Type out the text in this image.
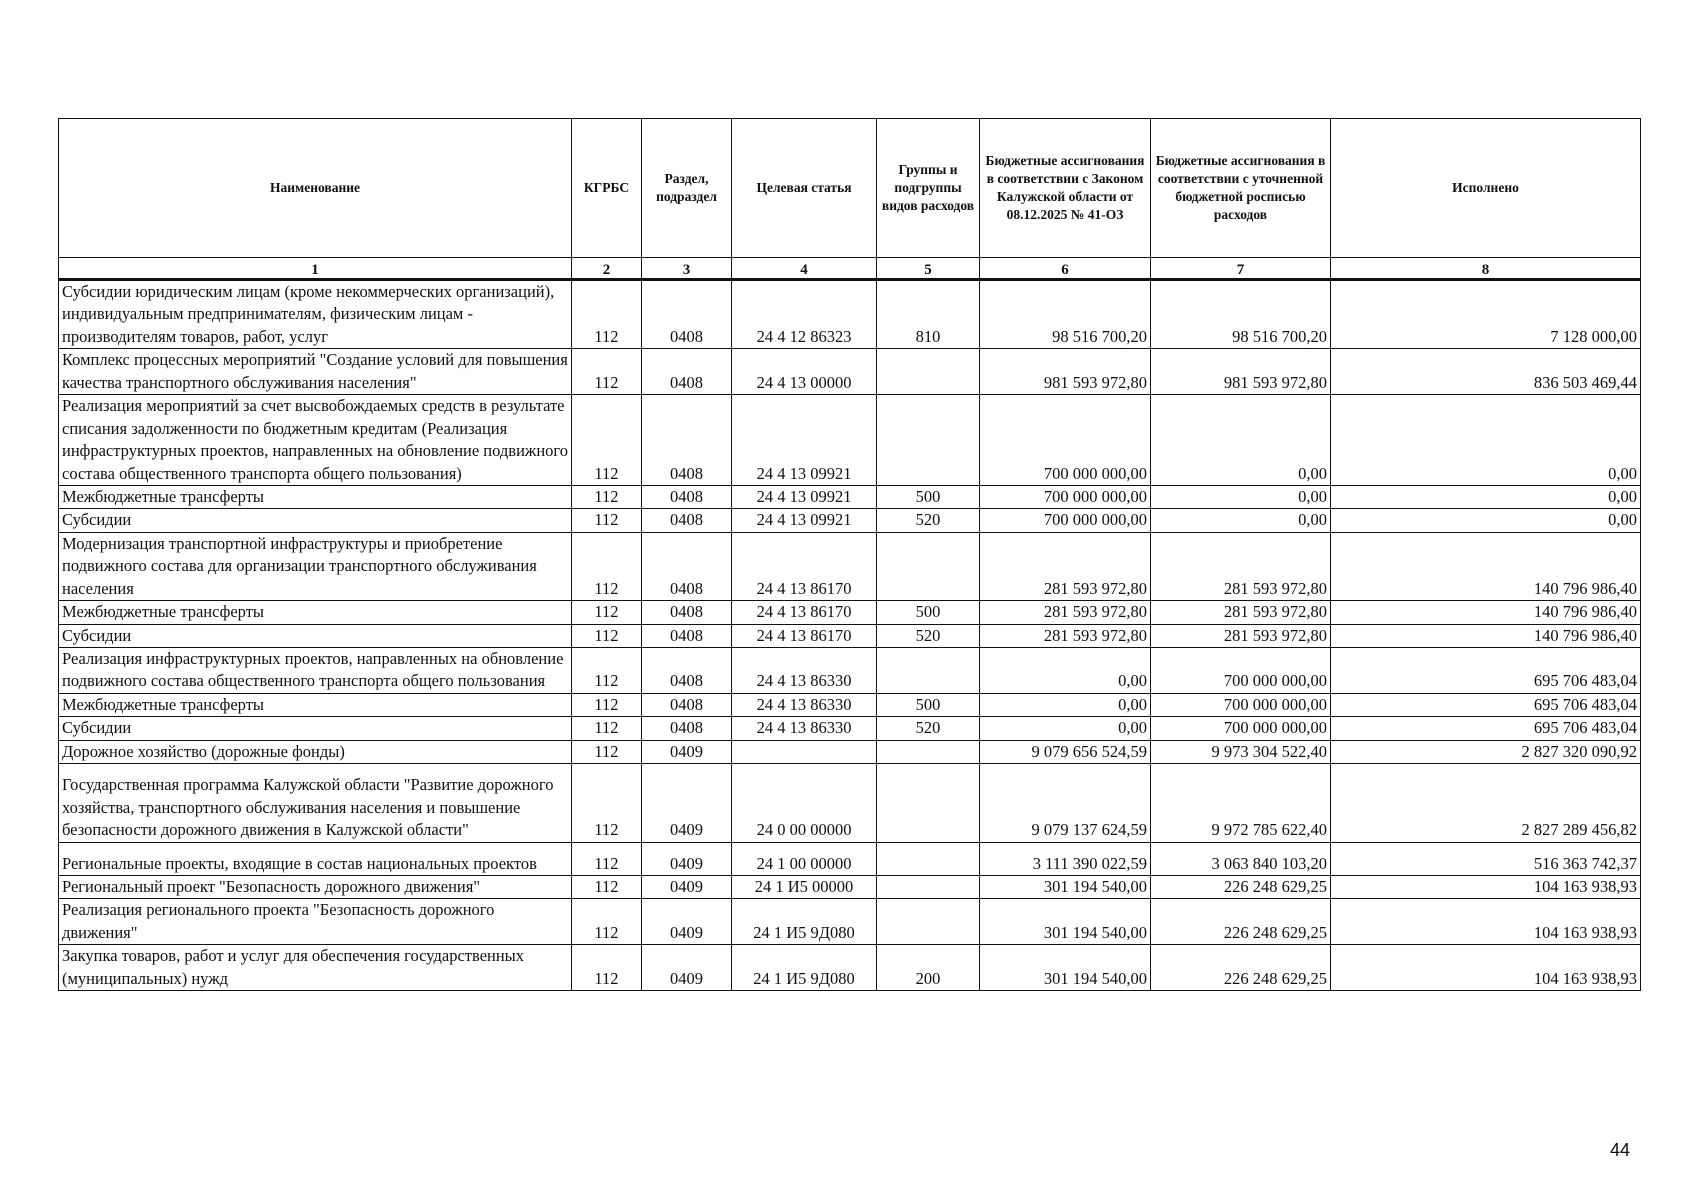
Наименование	КГРБС	Раздел, подраздел	Целевая статья	Группы и подгруппы видов расходов	Бюджетные ассигнования в соответствии с Законом Калужской области от 08.12.2025 № 41-ОЗ	Бюджетные ассигнования в соответствии с уточненной бюджетной росписью расходов	Исполнено
1	2	3	4	5	6	7	8
Субсидии юридическим лицам (кроме некоммерческих организаций), индивидуальным предпринимателям, физическим лицам - производителям товаров, работ, услуг	112	0408	24 4 12 86323	810	98 516 700,20	98 516 700,20	7 128 000,00
Комплекс процессных мероприятий "Создание условий для повышения качества транспортного обслуживания населения"	112	0408	24 4 13 00000		981 593 972,80	981 593 972,80	836 503 469,44
Реализация мероприятий за счет высвобождаемых средств в результате списания задолженности по бюджетным кредитам (Реализация инфраструктурных проектов, направленных на обновление подвижного состава общественного транспорта общего пользования)	112	0408	24 4 13 09921		700 000 000,00	0,00	0,00
Межбюджетные трансферты	112	0408	24 4 13 09921	500	700 000 000,00	0,00	0,00
Субсидии	112	0408	24 4 13 09921	520	700 000 000,00	0,00	0,00
Модернизация транспортной инфраструктуры и приобретение подвижного состава для организации транспортного обслуживания населения	112	0408	24 4 13 86170		281 593 972,80	281 593 972,80	140 796 986,40
Межбюджетные трансферты	112	0408	24 4 13 86170	500	281 593 972,80	281 593 972,80	140 796 986,40
Субсидии	112	0408	24 4 13 86170	520	281 593 972,80	281 593 972,80	140 796 986,40
Реализация инфраструктурных проектов, направленных на обновление подвижного состава общественного транспорта общего пользования	112	0408	24 4 13 86330		0,00	700 000 000,00	695 706 483,04
Межбюджетные трансферты	112	0408	24 4 13 86330	500	0,00	700 000 000,00	695 706 483,04
Субсидии	112	0408	24 4 13 86330	520	0,00	700 000 000,00	695 706 483,04
Дорожное хозяйство (дорожные фонды)	112	0409			9 079 656 524,59	9 973 304 522,40	2 827 320 090,92
Государственная программа Калужской области "Развитие дорожного хозяйства, транспортного обслуживания населения и повышение безопасности дорожного движения в Калужской области"	112	0409	24 0 00 00000		9 079 137 624,59	9 972 785 622,40	2 827 289 456,82
Региональные проекты, входящие в состав национальных проектов	112	0409	24 1 00 00000		3 111 390 022,59	3 063 840 103,20	516 363 742,37
Региональный проект "Безопасность дорожного движения"	112	0409	24 1 И5 00000		301 194 540,00	226 248 629,25	104 163 938,93
Реализация регионального проекта "Безопасность дорожного движения"	112	0409	24 1 И5 9Д080		301 194 540,00	226 248 629,25	104 163 938,93
Закупка товаров, работ и услуг для обеспечения государственных (муниципальных) нужд	112	0409	24 1 И5 9Д080	200	301 194 540,00	226 248 629,25	104 163 938,93
44
